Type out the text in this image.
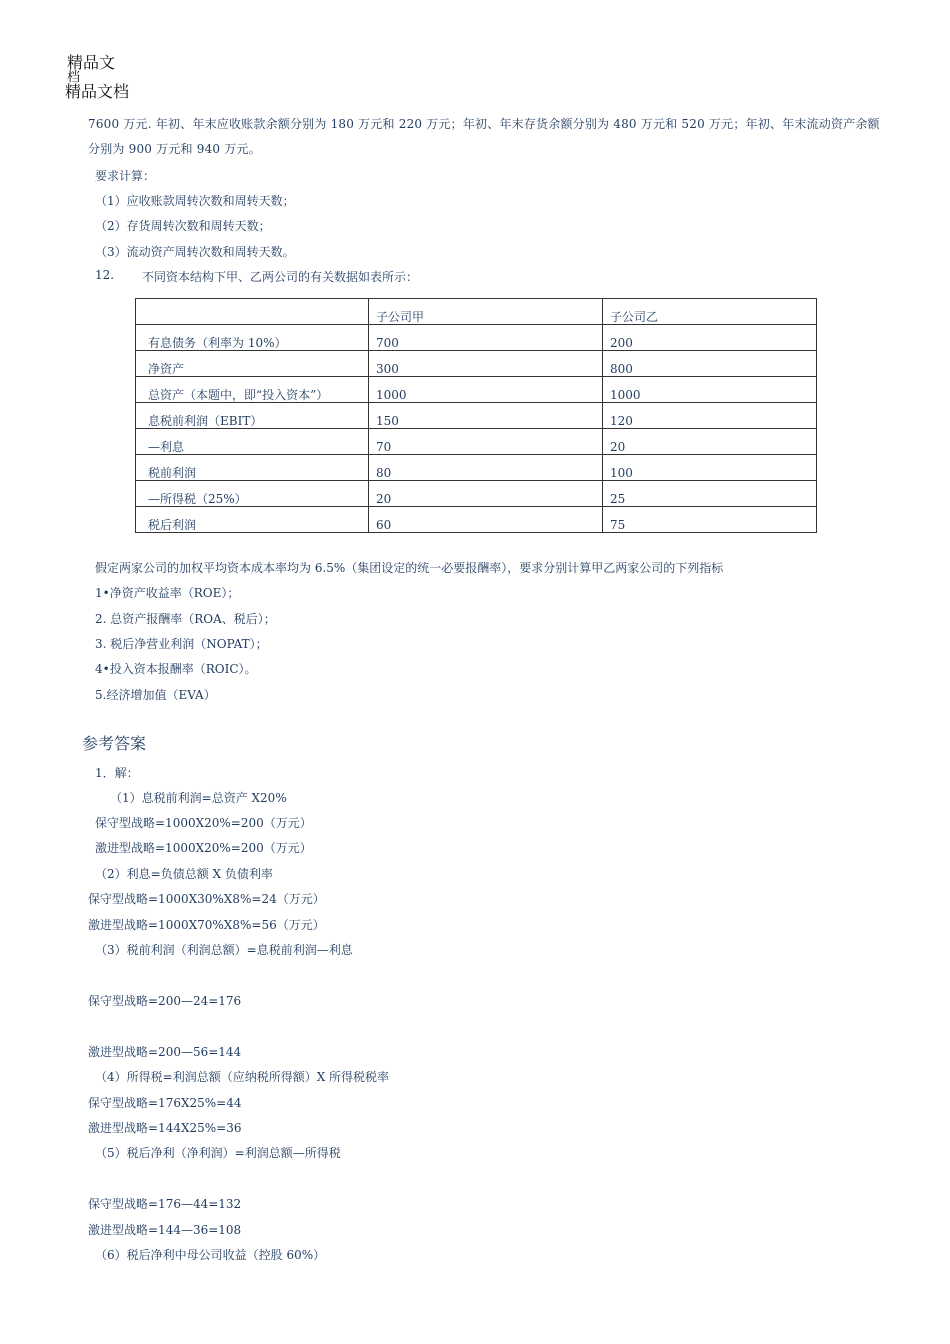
精品文
档
精品文档
7600 万元. 年初、年末应收账款余额分别为 180 万元和 220 万元；年初、年末存货余额分别为 480 万元和 520 万元；年初、年末流动资产余额分别为 900 万元和 940 万元。
要求计算：
（1）应收账款周转次数和周转天数；
（2）存货周转次数和周转天数；
（3）流动资产周转次数和周转天数。
12. 不同资本结构下甲、乙两公司的有关数据如表所示：
	子公司甲	子公司乙
有息债务（利率为 10%）	700	200
净资产	300	800

总资产（本题中，即“投入资本”）	1000	1000
息税前利润（EBIT）	150	120
—利息	70	20
税前利润	80	100
—所得税（25%）	20	25
税后利润	60	75
假定两家公司的加权平均资本成本率均为 6.5%（集团设定的统一必要报酬率），要求分别计算甲乙两家公司的下列指标
1•净资产收益率（ROE）；
2. 总资产报酬率（ROA、税后）；
3. 税后净营业利润（NOPAT）；
4•投入资本报酬率（ROIC）。
5.经济增加值（EVA）
参考答案
1．解：
（1）息税前利润=总资产 X20%
保守型战略=1000X20%=200（万元）
激进型战略=1000X20%=200（万元）
（2）利息=负债总额 X 负债利率
保守型战略=1000X30%X8%=24（万元）
激进型战略=1000X70%X8%=56（万元）
（3）税前利润（利润总额）=息税前利润—利息
保守型战略=200—24=176
激进型战略=200—56=144
（4）所得税=利润总额（应纳税所得额）X 所得税税率
保守型战略=176X25%=44
激进型战略=144X25%=36
（5）税后净利（净利润）=利润总额—所得税
保守型战略=176—44=132
激进型战略=144—36=108
（6）税后净利中母公司收益（控股 60%）
